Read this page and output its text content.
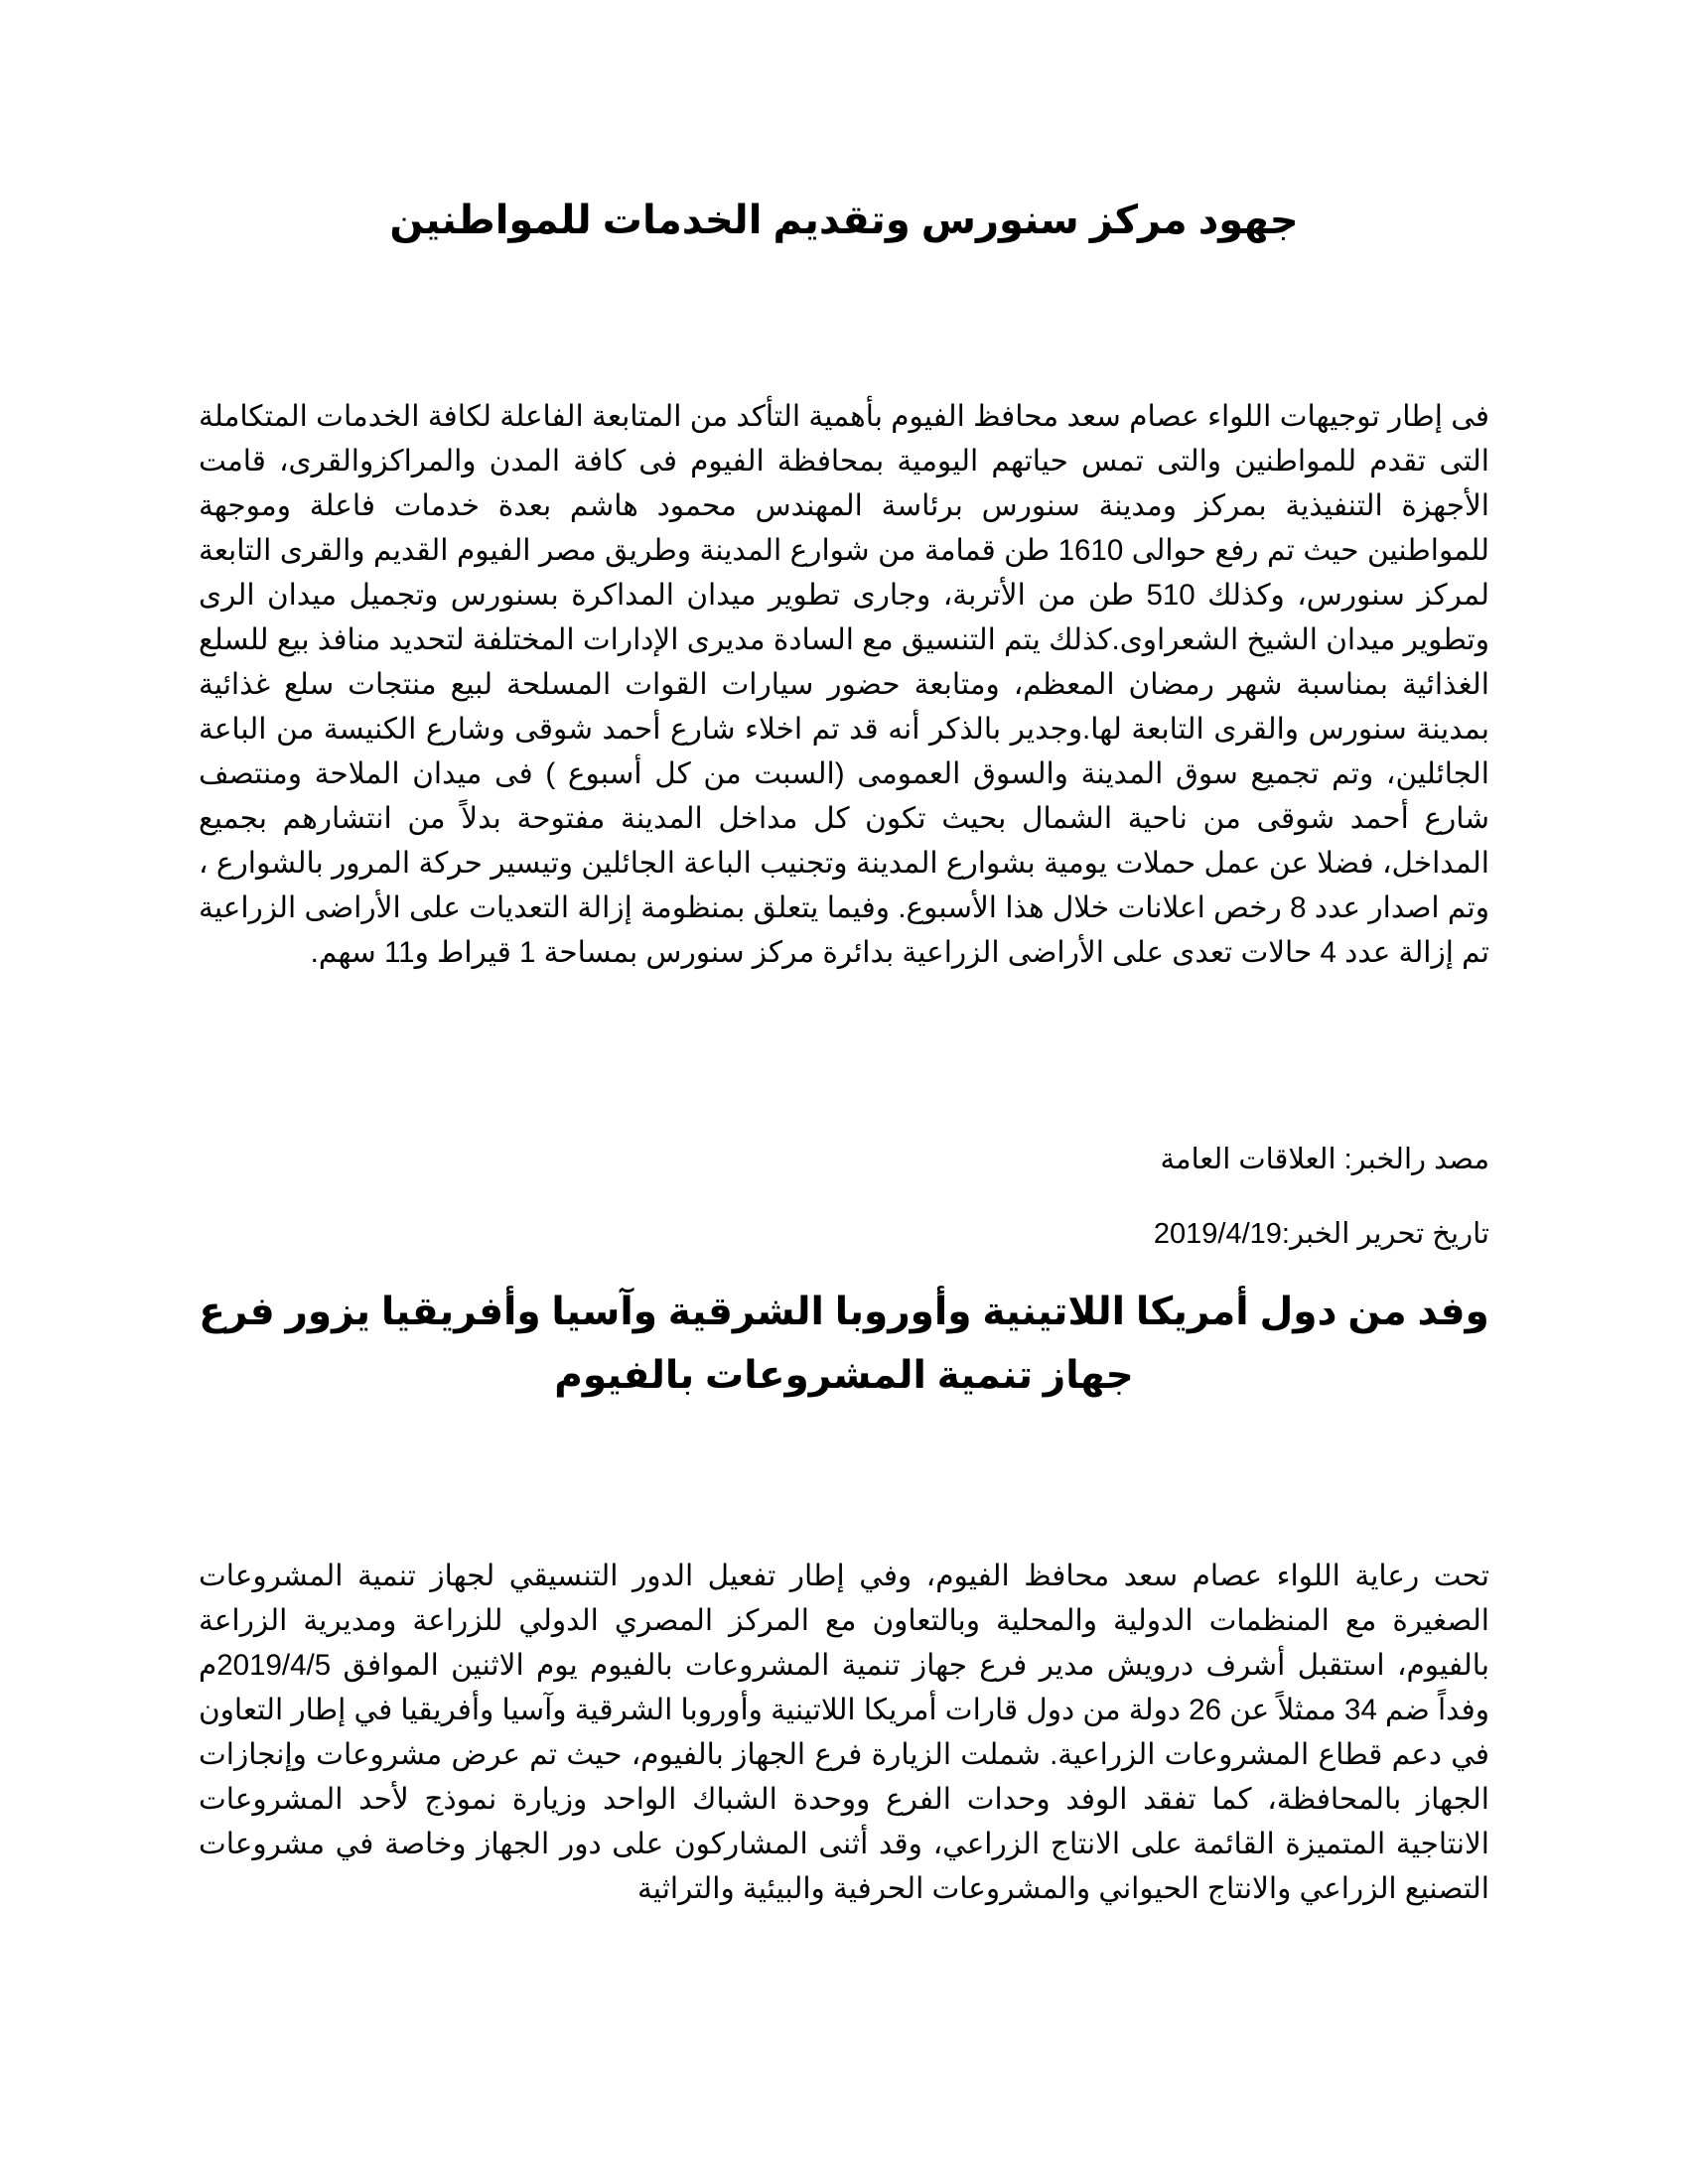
جهود مركز سنورس وتقديم الخدمات للمواطنين

فى إطار توجيهات اللواء عصام سعد محافظ الفيوم بأهمية التأكد من المتابعة الفاعلة لكافة الخدمات المتكاملة التى تقدم للمواطنين والتى تمس حياتهم اليومية بمحافظة الفيوم فى كافة المدن والمراكزوالقرى، قامت الأجهزة التنفيذية بمركز ومدينة سنورس برئاسة المهندس محمود هاشم بعدة خدمات فاعلة وموجهة للمواطنين حيث تم رفع حوالى 1610 طن قمامة من شوارع المدينة وطريق مصر الفيوم القديم والقرى التابعة لمركز سنورس، وكذلك 510 طن من الأتربة، وجارى تطوير ميدان المداكرة بسنورس وتجميل ميدان الرى وتطوير ميدان الشيخ الشعراوى.كذلك يتم التنسيق مع السادة مديرى الإدارات المختلفة لتحديد منافذ بيع للسلع الغذائية بمناسبة شهر رمضان المعظم، ومتابعة حضور سيارات القوات المسلحة لبيع منتجات سلع غذائية بمدينة سنورس والقرى التابعة لها.وجدير بالذكر أنه قد تم اخلاء شارع أحمد شوقى وشارع الكنيسة من الباعة الجائلين، وتم تجميع سوق المدينة والسوق العمومى (السبت من كل أسبوع ) فى ميدان الملاحة ومنتصف شارع أحمد شوقى من ناحية الشمال بحيث تكون كل مداخل المدينة مفتوحة بدلاً من انتشارهم بجميع المداخل، فضلا عن عمل حملات يومية بشوارع المدينة وتجنيب الباعة الجائلين وتيسير حركة المرور بالشوارع ، وتم اصدار عدد 8 رخص اعلانات خلال هذا الأسبوع. وفيما يتعلق بمنظومة إزالة التعديات على الأراضى الزراعية تم إزالة عدد 4 حالات تعدى على الأراضى الزراعية بدائرة مركز سنورس بمساحة 1 قيراط و11 سهم.

مصد رالخبر: العلاقات العامة

تاريخ تحرير الخبر:2019/4/19

وفد من دول أمريكا اللاتينية وأوروبا الشرقية وآسيا وأفريقيا يزور فرع جهاز تنمية المشروعات بالفيوم

تحت رعاية اللواء عصام سعد محافظ الفيوم، وفي إطار تفعيل الدور التنسيقي لجهاز تنمية المشروعات الصغيرة مع المنظمات الدولية والمحلية وبالتعاون مع المركز المصري الدولي للزراعة ومديرية الزراعة بالفيوم، استقبل أشرف درويش مدير فرع جهاز تنمية المشروعات بالفيوم يوم الاثنين الموافق 2019/4/5م وفداً ضم 34 ممثلاً عن 26 دولة من دول قارات أمريكا اللاتينية وأوروبا الشرقية وآسيا وأفريقيا في إطار التعاون في دعم قطاع المشروعات الزراعية. شملت الزيارة فرع الجهاز بالفيوم، حيث تم عرض مشروعات وإنجازات الجهاز بالمحافظة، كما تفقد الوفد وحدات الفرع ووحدة الشباك الواحد وزيارة نموذج لأحد المشروعات الانتاجية المتميزة القائمة على الانتاج الزراعي، وقد أثنى المشاركون على دور الجهاز وخاصة في مشروعات التصنيع الزراعي والانتاج الحيواني والمشروعات الحرفية والبيئية والتراثية
